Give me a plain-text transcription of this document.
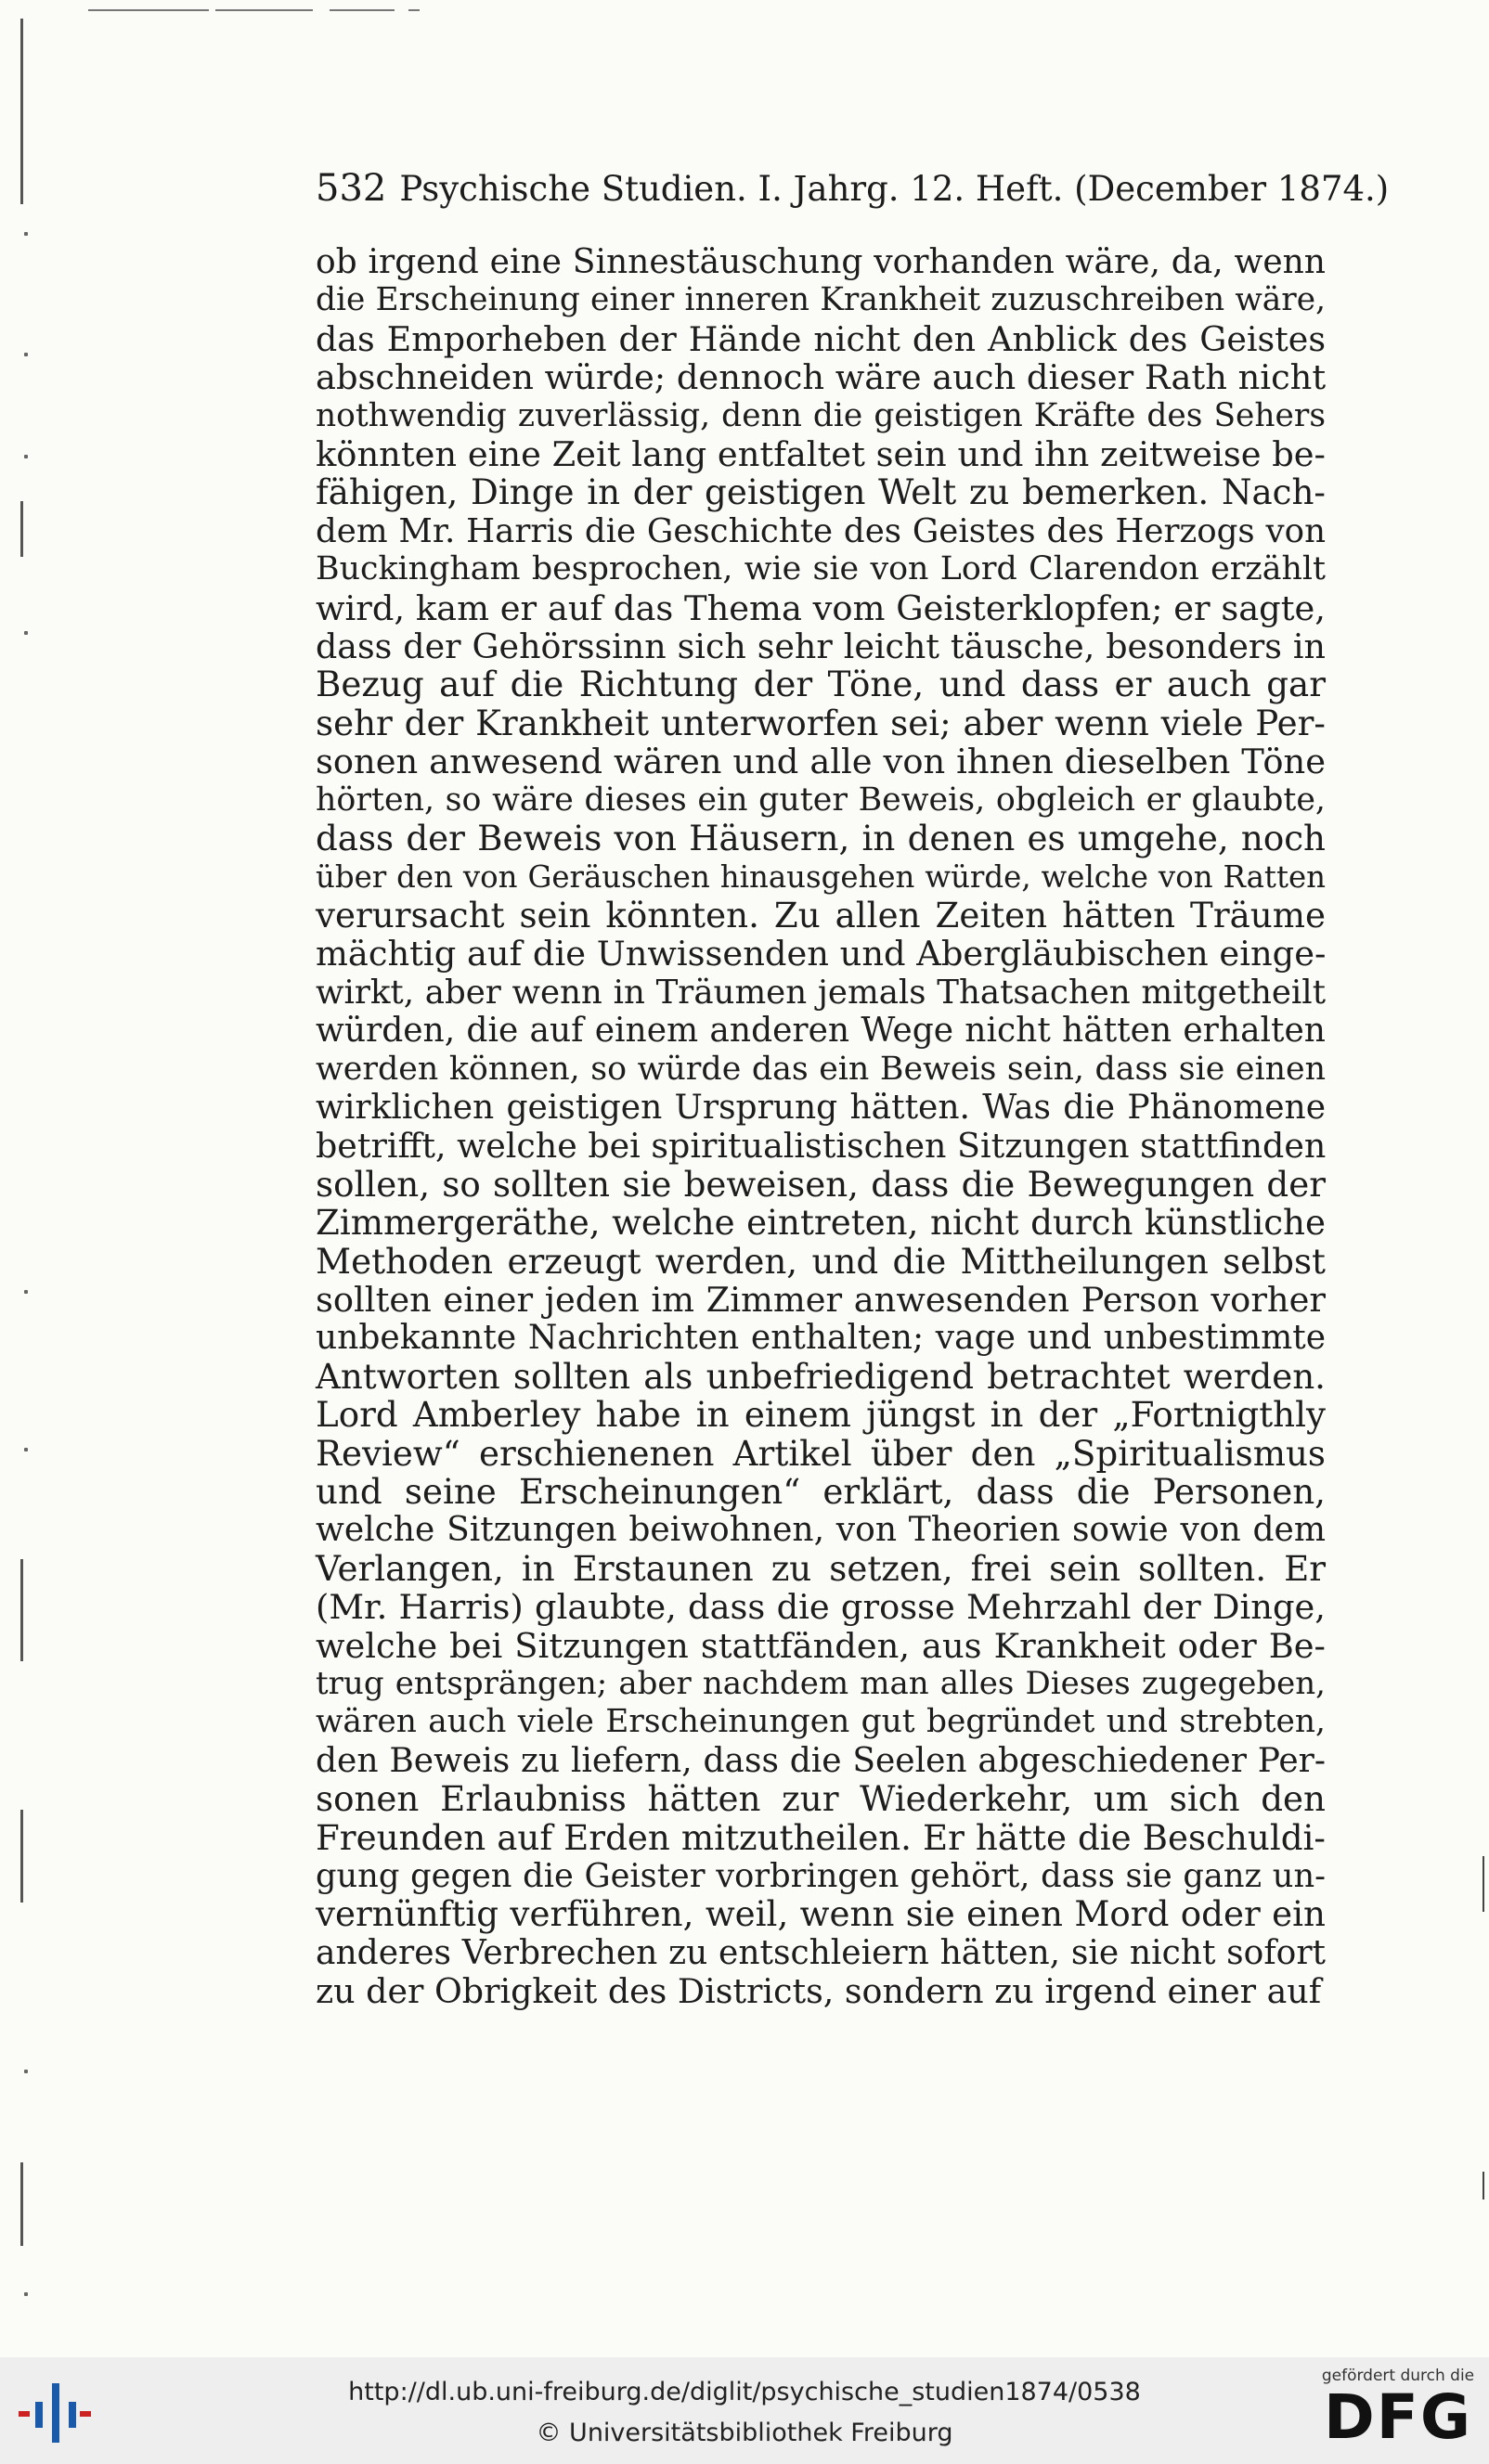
532 Psychische Studien. I. Jahrg. 12. Heft. (December 1874.)
ob irgend eine Sinnestäuschung vorhanden wäre, da, wenn
die Erscheinung einer inneren Krankheit zuzuschreiben wäre,
das Emporheben der Hände nicht den Anblick des Geistes
abschneiden würde; dennoch wäre auch dieser Rath nicht
nothwendig zuverlässig, denn die geistigen Kräfte des Sehers
könnten eine Zeit lang entfaltet sein und ihn zeitweise be-
fähigen, Dinge in der geistigen Welt zu bemerken. Nach-
dem Mr. Harris die Geschichte des Geistes des Herzogs von
Buckingham besprochen, wie sie von Lord Clarendon erzählt
wird, kam er auf das Thema vom Geisterklopfen; er sagte,
dass der Gehörssinn sich sehr leicht täusche, besonders in
Bezug auf die Richtung der Töne, und dass er auch gar
sehr der Krankheit unterworfen sei; aber wenn viele Per-
sonen anwesend wären und alle von ihnen dieselben Töne
hörten, so wäre dieses ein guter Beweis, obgleich er glaubte,
dass der Beweis von Häusern, in denen es umgehe, noch
über den von Geräuschen hinausgehen würde, welche von Ratten
verursacht sein könnten. Zu allen Zeiten hätten Träume
mächtig auf die Unwissenden und Abergläubischen einge-
wirkt, aber wenn in Träumen jemals Thatsachen mitgetheilt
würden, die auf einem anderen Wege nicht hätten erhalten
werden können, so würde das ein Beweis sein, dass sie einen
wirklichen geistigen Ursprung hätten. Was die Phänomene
betrifft, welche bei spiritualistischen Sitzungen stattfinden
sollen, so sollten sie beweisen, dass die Bewegungen der
Zimmergeräthe, welche eintreten, nicht durch künstliche
Methoden erzeugt werden, und die Mittheilungen selbst
sollten einer jeden im Zimmer anwesenden Person vorher
unbekannte Nachrichten enthalten; vage und unbestimmte
Antworten sollten als unbefriedigend betrachtet werden.
Lord Amberley habe in einem jüngst in der „Fortnigthly
Review“ erschienenen Artikel über den „Spiritualismus
und seine Erscheinungen“ erklärt, dass die Personen,
welche Sitzungen beiwohnen, von Theorien sowie von dem
Verlangen, in Erstaunen zu setzen, frei sein sollten. Er
(Mr. Harris) glaubte, dass die grosse Mehrzahl der Dinge,
welche bei Sitzungen stattfänden, aus Krankheit oder Be-
trug entsprängen; aber nachdem man alles Dieses zugegeben,
wären auch viele Erscheinungen gut begründet und strebten,
den Beweis zu liefern, dass die Seelen abgeschiedener Per-
sonen Erlaubniss hätten zur Wiederkehr, um sich den
Freunden auf Erden mitzutheilen. Er hätte die Beschuldi-
gung gegen die Geister vorbringen gehört, dass sie ganz un-
vernünftig verführen, weil, wenn sie einen Mord oder ein
anderes Verbrechen zu entschleiern hätten, sie nicht sofort
zu der Obrigkeit des Districts, sondern zu irgend einer auf
http://dl.ub.uni-freiburg.de/diglit/psychische_studien1874/0538
© Universitätsbibliothek Freiburg
gefördert durch die
DFG
